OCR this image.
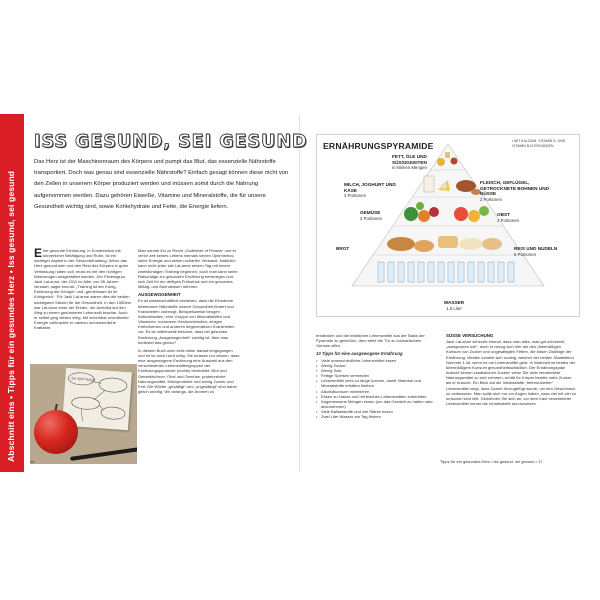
Abschnitt eins • Tipps für ein gesundes Herz • Iss gesund, sei gesund
ISS GESUND, SEI GESUND
Das Herz ist der Maschinenraum des Körpers und pumpt das Blut, das essenzielle Nährstoffe transportiert. Doch was genau sind essenzielle Nährstoffe? Einfach gesagt können diese nicht von den Zellen in unserem Körper produziert werden und müssen somit durch die Nahrung aufgenommen werden. Dazu gehören Eiweiße, Vitamine und Mineralstoffe, die für unsere Gesundheit wichtig sind, sowie Kohlehydrate und Fette, die Energie liefern.

Eine gesunde Ernährung, in Kombination mit körperlicher Betätigung und Ruhe, ist ein wichtiger Aspekt in der Gesunderhaltung. Wenn das Herz gesund sein und den Rest des Körpers in guter Verfassung halten soll, muss es mit den richtigen Werkzeugen ausgestattet werden. Der Fitnessguru Jack LaLanne, der 2011 im Alter von 96 Jahren verstarb, sagte einmal: „Training ist der König, Ernährung die Königin“ und „gemeinsam ist ihr Königreich“. Für Jack LaLanne waren dies die beiden wichtigsten Säulen für die Gesundheit. In den 1950ern war LaLanne einer der Ersten, der Amerika auf den Weg zu einem gesünderen Lebensstil brachte. Auch er selbst ging diesen Weg. Mit scheinbar unendlicher Energie vollbrachte er nahezu unmenschliche Kraftakte.

Ein Apfel täglich

Man nannte ihn zu Recht „Godfather of Fitness“ und er verlor zeit seines Lebens niemals seinen Optimismus, seine Energie und seinen scharfen Verstand. Natürlich kann nicht jeder wie LaLanne seinen Tag mit einem zweistündigen Training beginnen, doch man kann seine Ratschläge zur gesunden Ernährung beherzigen und sich Zeit für ein deftiges Frühstück und ein gesundes Mittag- und Abendessen nehmen.

AUSGEWOGENHEIT

Es ist wissenschaftlich bewiesen, dass die Einnahme bestimmter Nährstoffe unsere Gesundheit fördert und Krankheiten vorbeugt. Beispielsweise beugen Antioxidantien, eine Gruppe von Mineralstoffen und Vitaminen, koronaren Herzkrankheiten, einigen Krebsformen und anderen degenerativen Krankheiten vor. Es ist mittlerweile bekannt, dass bei gesunder Ernährung „Ausgewogenheit“ wichtig ist. Aber was bedeutet das genau?

In diesem Buch wird nicht näher darauf eingegangen und es ist auch nicht nötig. Sie müssen nur wissen, dass eine ausgewogene Ernährung eine Auswahl aus den verschiedenen Lebensmittelgruppen der Ernährungspyramide (rechts) beinhaltet: Brot und Getreidekörner, Obst und Gemüse, proteinreiche Nahrungsmittel, Milchprodukte und wenig Zucker und Fett. Die Wörter „gesättigt“ und „ungesättigt“ sind dabei gleich wichtig. Wir anfangs, die Aromen zu

14
ERNÄHRUNGSPYRAMIDE	• MIT KALZIUM, VITAMIN D, UND VITAMIN B12 ERGÄNZEN
FETT, ÖLE UND SÜSSIGKEITEN
in kleinen Mengen
MILCH, JOGHURT UND KÄSE
3 Portionen
FLEISCH, GEFLÜGEL, GETROCKNETE BOHNEN UND NÜSSE
2 Portionen
GEMÜSE
3 Portionen
OBST
2 Portionen
BROT	REIS UND NUDELN
6 Portionen
WASSER
1,5 Liter

entdecken und die köstlichen Lebensmittel aus der Basis der Pyramide zu genießen, dem steht die Tür zu kulinarischem Genuss offen.

10 Tipps für eine ausgewogene Ernährung
• Viele unterschiedliche Lebensmittel essen
• Wenig Zucker
• Wenig Salz
• Fettige Speisen vermeiden
• Lebensmittel nicht zu lange kochen, damit Vitamine und Mineralstoffe erhalten bleiben
• Alkoholkonsum minimieren
• Essen zu Hause und mit frischen Lebensmitteln zubereiten
• Angemessene Mengen essen (um das Gewicht zu halten oder abzunehmen)
• Viele Ballaststoffe und viel Stärke essen
• Zwei Liter Wasser am Tag trinken
SÜSSE VERSUCHUNG

Jack LaLanne scherzte einmal, dass man alles, was gut schmeckt, „ausspucken soll“, doch er bezog sich hier auf den übermäßigen Konsum von Zucker und ungesättigten Fetten, die bösen Zwillinge der Ernährung. Meiden scheint sich unabig, welcher der beiden Staatsfeind Nummer 1 ist, wenn es um Lebensmittel geht. In Wahrheit ist beides der übermäßigem Konsum gesundheitsschädlich. Der Ernährungsplan braucht keinen zusätzlichen Zucker: wenn Sie viele verarbeitete Nahrungsmittel zu sich nehmen, erhält Ihr Körper bereits mehr Zucker, als er braucht. Ein Blick auf die Inhaltsstoffe „fettreduzierter“ Lebensmittel zeigt, dass Zucker hinzugefügt wurde, um den Geschmack zu verbessern. Man sollte sich nur vor Augen halten, dass viel mit viel zu umsonst nicht hilft. Gewöhnen Sie sich an, vor dem Kauf verarbeiteter Lebensmittel immer die Inhaltsstoffe durchzulesen.

Tipps für ein gesundes Herz • Iss gesund, sei gesund • 17
